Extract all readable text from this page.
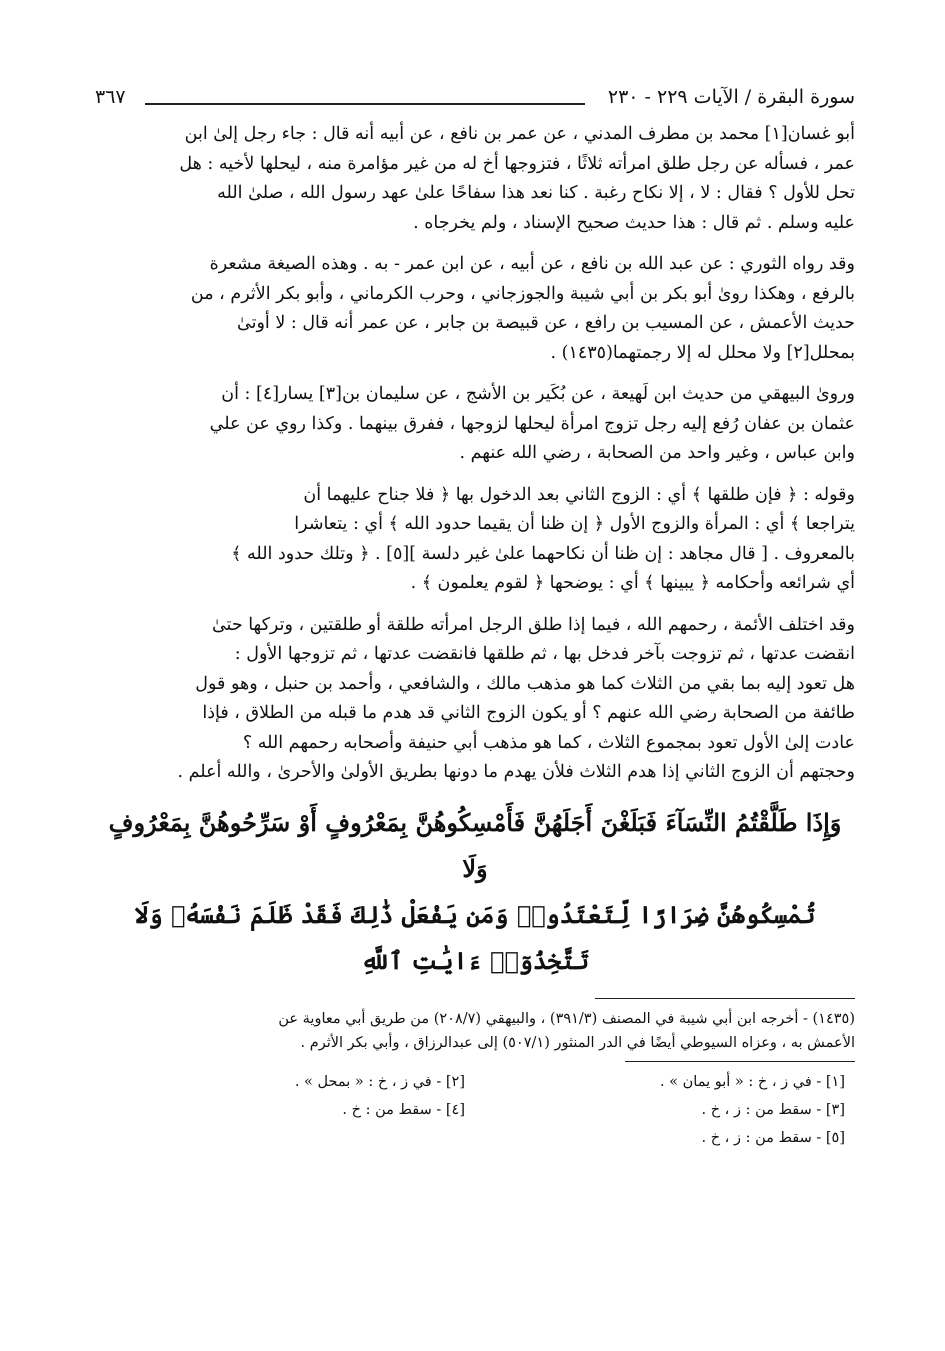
سورة البقرة / الآيات ٢٢٩ - ٢٣٠
٣٦٧

أبو غسان[١] محمد بن مطرف المدني ، عن عمر بن نافع ، عن أبيه أنه قال : جاء رجل إلىٰ ابن

عمر ، فسأله عن رجل طلق امرأته ثلاثًا ، فتزوجها أخ له من غير مؤامرة منه ، ليحلها لأخيه : هل

تحل للأول ؟ فقال : لا ، إلا نكاح رغبة . كنا نعد هذا سفاحًا علىٰ عهد رسول الله ، صلىٰ الله

عليه وسلم . ثم قال : هذا حديث صحيح الإسناد ، ولم يخرجاه .

وقد رواه الثوري : عن عبد الله بن نافع ، عن أبيه ، عن ابن عمر - به . وهذه الصيغة مشعرة

بالرفع ، وهكذا روىٰ أبو بكر بن أبي شيبة والجوزجاني ، وحرب الكرماني ، وأبو بكر الأثرم ، من

حديث الأعمش ، عن المسيب بن رافع ، عن قبيصة بن جابر ، عن عمر أنه قال : لا أوتىٰ

بمحلل[٢] ولا محلل له إلا رجمتهما(١٤٣٥) .

وروىٰ البيهقي من حديث ابن لَهيعة ، عن بُكَير بن الأشج ، عن سليمان بن[٣] يسار[٤] : أن

عثمان بن عفان رُفع إليه رجل تزوج امرأة ليحلها لزوجها ، ففرق بينهما . وكذا روي عن علي

وابن عباس ، وغير واحد من الصحابة ، رضي الله عنهم .

وقوله : ﴿ فإن طلقها ﴾ أي : الزوج الثاني بعد الدخول بها ﴿ فلا جناح عليهما أن

يتراجعا ﴾ أي : المرأة والزوج الأول ﴿ إن ظنا أن يقيما حدود الله ﴾ أي : يتعاشرا

بالمعروف . [ قال مجاهد : إن ظنا أن نكاحهما علىٰ غير دلسة ][٥] . ﴿ وتلك حدود الله ﴾

أي شرائعه وأحكامه ﴿ يبينها ﴾ أي : يوضحها ﴿ لقوم يعلمون ﴾ .

وقد اختلف الأئمة ، رحمهم الله ، فيما إذا طلق الرجل امرأته طلقة أو طلقتين ، وتركها حتىٰ

انقضت عدتها ، ثم تزوجت بآخر فدخل بها ، ثم طلقها فانقضت عدتها ، ثم تزوجها الأول :

هل تعود إليه بما بقي من الثلاث كما هو مذهب مالك ، والشافعي ، وأحمد بن حنبل ، وهو قول

طائفة من الصحابة رضي الله عنهم ؟ أو يكون الزوج الثاني قد هدم ما قبله من الطلاق ، فإذا

عادت إلىٰ الأول تعود بمجموع الثلاث ، كما هو مذهب أبي حنيفة وأصحابه رحمهم الله ؟

وحجتهم أن الزوج الثاني إذا هدم الثلاث فلأن يهدم ما دونها بطريق الأولىٰ والأحرىٰ ، والله أعلم .

وَإِذَا طَلَّقْتُمُ النِّسَآءَ فَبَلَغْنَ أَجَلَهُنَّ فَأَمْسِكُوهُنَّ بِمَعْرُوفٍ أَوْ سَرِّحُوهُنَّ بِمَعْرُوفٍ وَلَا
تُمْسِكُوهُنَّ ضِرَارًا لِّتَعْتَدُوا۟ وَمَن يَفْعَلْ ذَٰلِكَ فَقَدْ ظَلَمَ نَفْسَهُۥ وَلَا تَتَّخِذُوٓا۟ ءَايَٰتِ ٱللَّهِ
(١٤٣٥) - أخرجه ابن أبي شيبة في المصنف (٣٩١/٣) ، والبيهقي (٢٠٨/٧) من طريق أبي معاوية عن
الأعمش به ، وعزاه السيوطي أيضًا في الدر المنثور (٥٠٧/١) إلى عبدالرزاق ، وأبي بكر الأثرم .
[١] - في ز ، خ : « أبو يمان » .
[٢] - في ز ، خ : « بمحل » .
[٣] - سقط من : ز ، خ .
[٤] - سقط من : خ .
[٥] - سقط من : ز ، خ .
